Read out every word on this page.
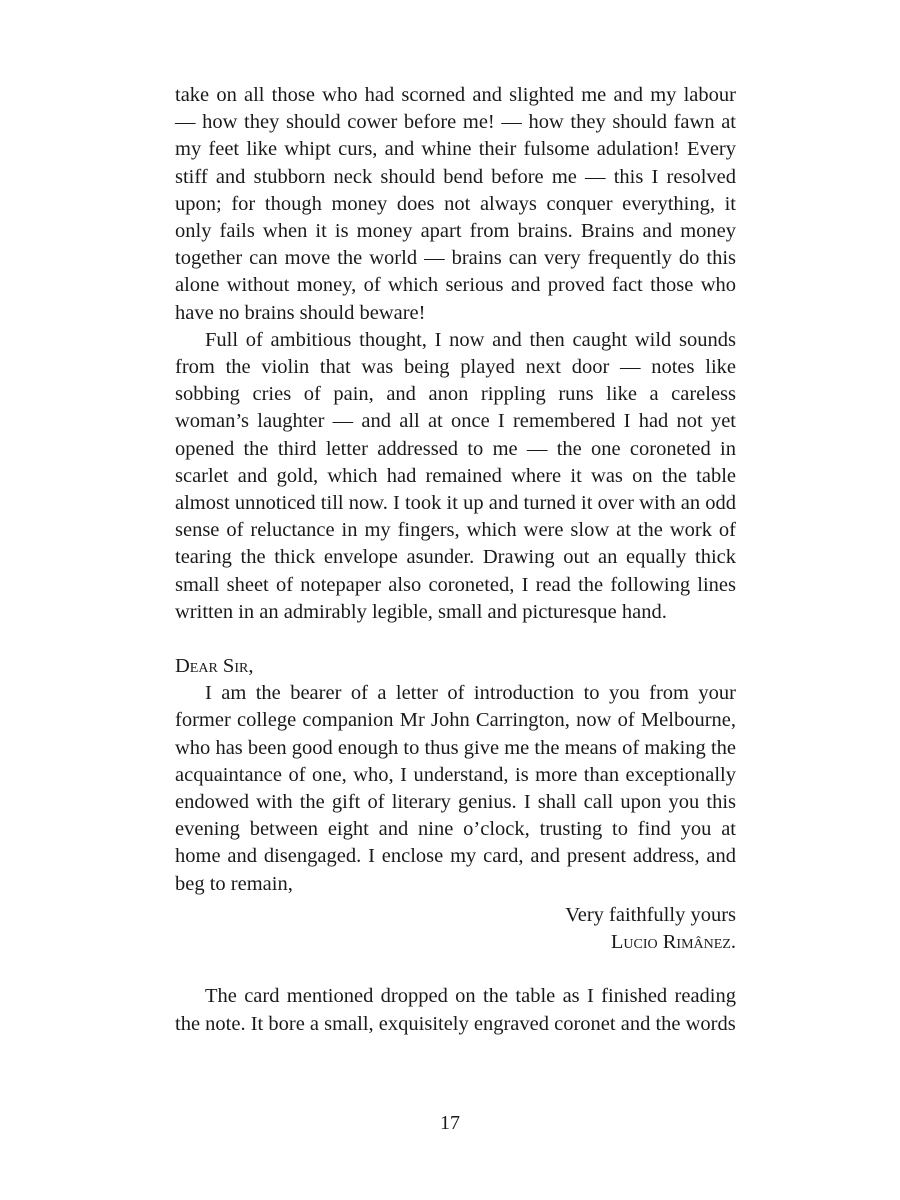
take on all those who had scorned and slighted me and my labour — how they should cower before me! — how they should fawn at my feet like whipt curs, and whine their fulsome adulation! Every stiff and stubborn neck should bend before me — this I resolved upon; for though money does not always conquer everything, it only fails when it is money apart from brains. Brains and money together can move the world — brains can very frequently do this alone without money, of which serious and proved fact those who have no brains should beware!

Full of ambitious thought, I now and then caught wild sounds from the violin that was being played next door — notes like sobbing cries of pain, and anon rippling runs like a careless woman’s laughter — and all at once I remembered I had not yet opened the third letter addressed to me — the one coroneted in scarlet and gold, which had remained where it was on the table almost unnoticed till now. I took it up and turned it over with an odd sense of reluctance in my fingers, which were slow at the work of tearing the thick envelope asunder. Drawing out an equally thick small sheet of notepaper also coroneted, I read the following lines written in an admirably legible, small and picturesque hand.

Dear Sir,

I am the bearer of a letter of introduction to you from your former college companion Mr John Carrington, now of Melbourne, who has been good enough to thus give me the means of making the acquaintance of one, who, I understand, is more than exceptionally endowed with the gift of literary genius. I shall call upon you this evening between eight and nine o’clock, trusting to find you at home and disengaged. I enclose my card, and present address, and beg to remain,

Very faithfully yours

Lucio Rimânez.

The card mentioned dropped on the table as I finished reading the note. It bore a small, exquisitely engraved coronet and the words

17
